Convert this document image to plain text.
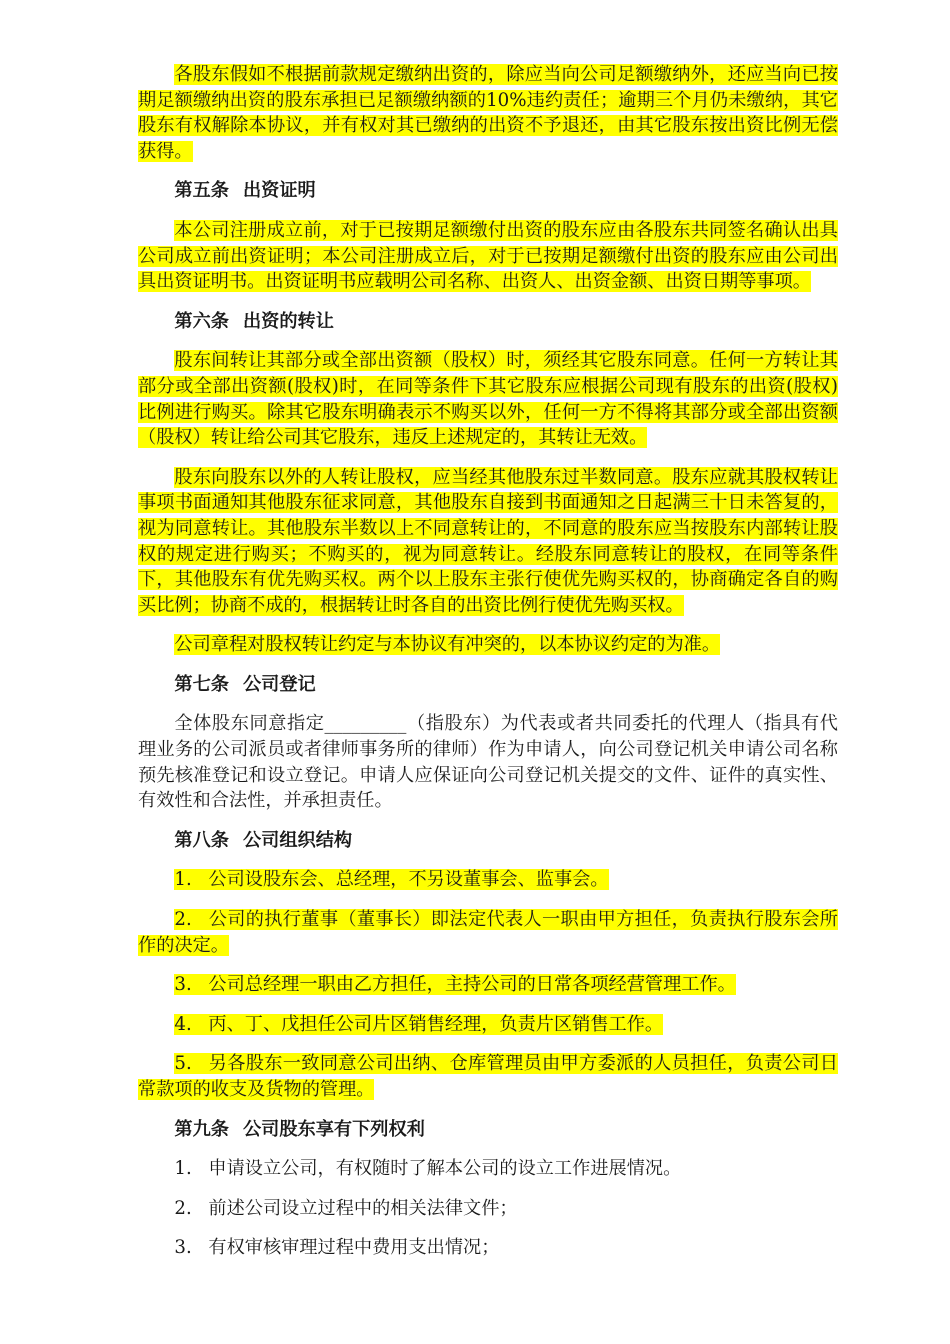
各股东假如不根据前款规定缴纳出资的，除应当向公司足额缴纳外，还应当向已按期足额缴纳出资的股东承担已足额缴纳额的10%违约责任；逾期三个月仍未缴纳，其它股东有权解除本协议，并有权对其已缴纳的出资不予退还，由其它股东按出资比例无偿获得。

第五条 出资证明

本公司注册成立前，对于已按期足额缴付出资的股东应由各股东共同签名确认出具公司成立前出资证明；本公司注册成立后，对于已按期足额缴付出资的股东应由公司出具出资证明书。出资证明书应载明公司名称、出资人、出资金额、出资日期等事项。

第六条 出资的转让

股东间转让其部分或全部出资额（股权）时，须经其它股东同意。任何一方转让其部分或全部出资额(股权)时，在同等条件下其它股东应根据公司现有股东的出资(股权)比例进行购买。除其它股东明确表示不购买以外，任何一方不得将其部分或全部出资额（股权）转让给公司其它股东，违反上述规定的，其转让无效。

股东向股东以外的人转让股权，应当经其他股东过半数同意。股东应就其股权转让事项书面通知其他股东征求同意，其他股东自接到书面通知之日起满三十日未答复的，视为同意转让。其他股东半数以上不同意转让的，不同意的股东应当按股东内部转让股权的规定进行购买；不购买的，视为同意转让。经股东同意转让的股权，在同等条件下，其他股东有优先购买权。两个以上股东主张行使优先购买权的，协商确定各自的购买比例；协商不成的，根据转让时各自的出资比例行使优先购买权。

公司章程对股权转让约定与本协议有冲突的，以本协议约定的为准。

第七条 公司登记

全体股东同意指定_________（指股东）为代表或者共同委托的代理人（指具有代理业务的公司派员或者律师事务所的律师）作为申请人，向公司登记机关申请公司名称预先核准登记和设立登记。申请人应保证向公司登记机关提交的文件、证件的真实性、有效性和合法性，并承担责任。

第八条 公司组织结构

1. 公司设股东会、总经理，不另设董事会、监事会。

2. 公司的执行董事（董事长）即法定代表人一职由甲方担任，负责执行股东会所作的决定。

3. 公司总经理一职由乙方担任，主持公司的日常各项经营管理工作。

4. 丙、丁、戊担任公司片区销售经理，负责片区销售工作。

5. 另各股东一致同意公司出纳、仓库管理员由甲方委派的人员担任，负责公司日常款项的收支及货物的管理。

第九条 公司股东享有下列权利

1. 申请设立公司，有权随时了解本公司的设立工作进展情况。

2. 前述公司设立过程中的相关法律文件；

3. 有权审核审理过程中费用支出情况；
